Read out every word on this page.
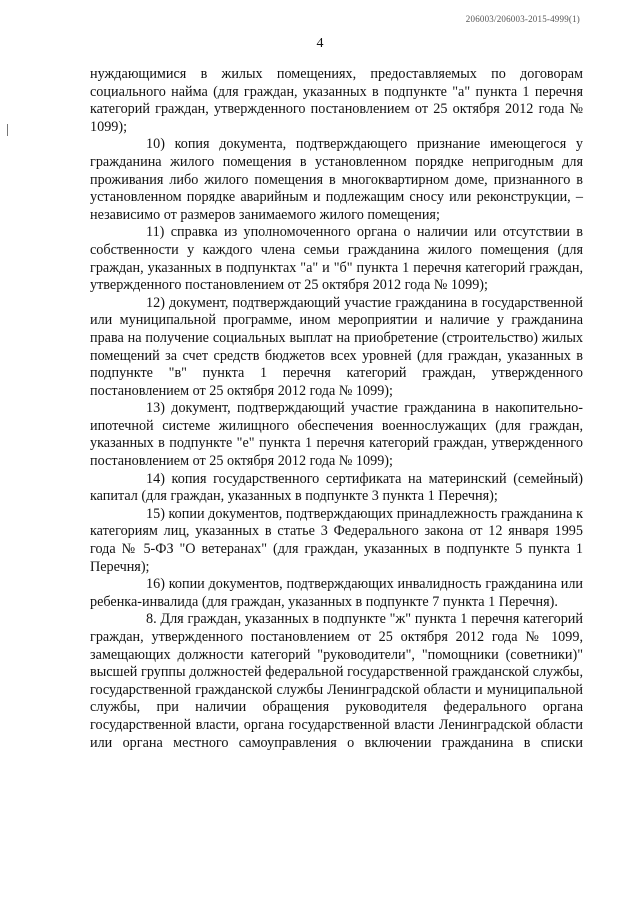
206003/206003-2015-4999(1)
4

нуждающимися в жилых помещениях, предоставляемых по договорам социального найма (для граждан, указанных в подпункте "а" пункта 1 перечня категорий граждан, утвержденного постановлением от 25 октября 2012 года № 1099);

10) копия документа, подтверждающего признание имеющегося у гражданина жилого помещения в установленном порядке непригодным для проживания либо жилого помещения в многоквартирном доме, признанного в установленном порядке аварийным и подлежащим сносу или реконструкции, – независимо от размеров занимаемого жилого помещения;

11) справка из уполномоченного органа о наличии или отсутствии в собственности у каждого члена семьи гражданина жилого помещения (для граждан, указанных в подпунктах "а" и "б" пункта 1 перечня категорий граждан, утвержденного постановлением от 25 октября 2012 года № 1099);

12) документ, подтверждающий участие гражданина в государственной или муниципальной программе, ином мероприятии и наличие у гражданина права на получение социальных выплат на приобретение (строительство) жилых помещений за счет средств бюджетов всех уровней (для граждан, указанных в подпункте "в" пункта 1 перечня категорий граждан, утвержденного постановлением от 25 октября 2012 года № 1099);

13) документ, подтверждающий участие гражданина в накопительно-ипотечной системе жилищного обеспечения военнослужащих (для граждан, указанных в подпункте "е" пункта 1 перечня категорий граждан, утвержденного постановлением от 25 октября 2012 года № 1099);

14) копия государственного сертификата на материнский (семейный) капитал (для граждан, указанных в подпункте 3 пункта 1 Перечня);

15) копии документов, подтверждающих принадлежность гражданина к категориям лиц, указанных в статье 3 Федерального закона от 12 января 1995 года № 5-ФЗ "О ветеранах" (для граждан, указанных в подпункте 5 пункта 1 Перечня);

16) копии документов, подтверждающих инвалидность гражданина или ребенка-инвалида (для граждан, указанных в подпункте 7 пункта 1 Перечня).

8. Для граждан, указанных в подпункте "ж" пункта 1 перечня категорий граждан, утвержденного постановлением от 25 октября 2012 года № 1099, замещающих должности категорий "руководители", "помощники (советники)" высшей группы должностей федеральной государственной гражданской службы, государственной гражданской службы Ленинградской области и муниципальной службы, при наличии обращения руководителя федерального органа государственной власти, органа государственной власти Ленинградской области или органа местного самоуправления о включении гражданина в списки
